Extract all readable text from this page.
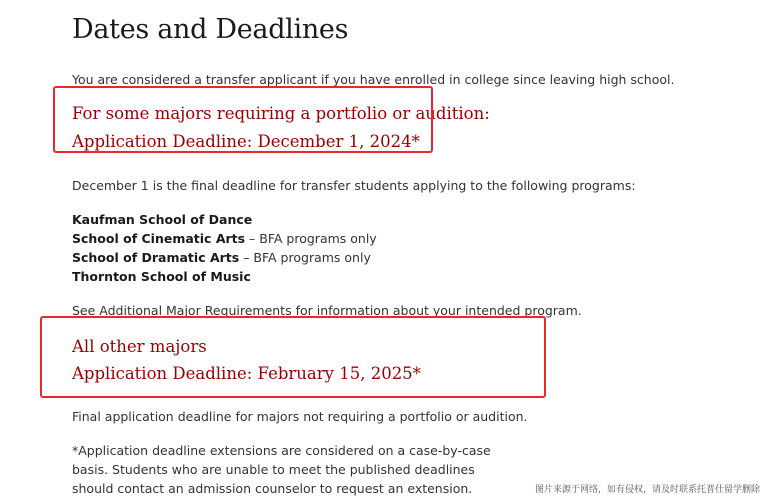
Dates and Deadlines
You are considered a transfer applicant if you have enrolled in college since leaving high school.
For some majors requiring a portfolio or audition:
Application Deadline: December 1, 2024*
December 1 is the final deadline for transfer students applying to the following programs:
Kaufman School of Dance
School of Cinematic Arts – BFA programs only
School of Dramatic Arts – BFA programs only
Thornton School of Music
See Additional Major Requirements for information about your intended program.
All other majors
Application Deadline: February 15, 2025*
Final application deadline for majors not requiring a portfolio or audition.
*Application deadline extensions are considered on a case-by-case
basis. Students who are unable to meet the published deadlines
should contact an admission counselor to request an extension.	图片来源于网络，如有侵权，请及时联系托普仕留学删除
